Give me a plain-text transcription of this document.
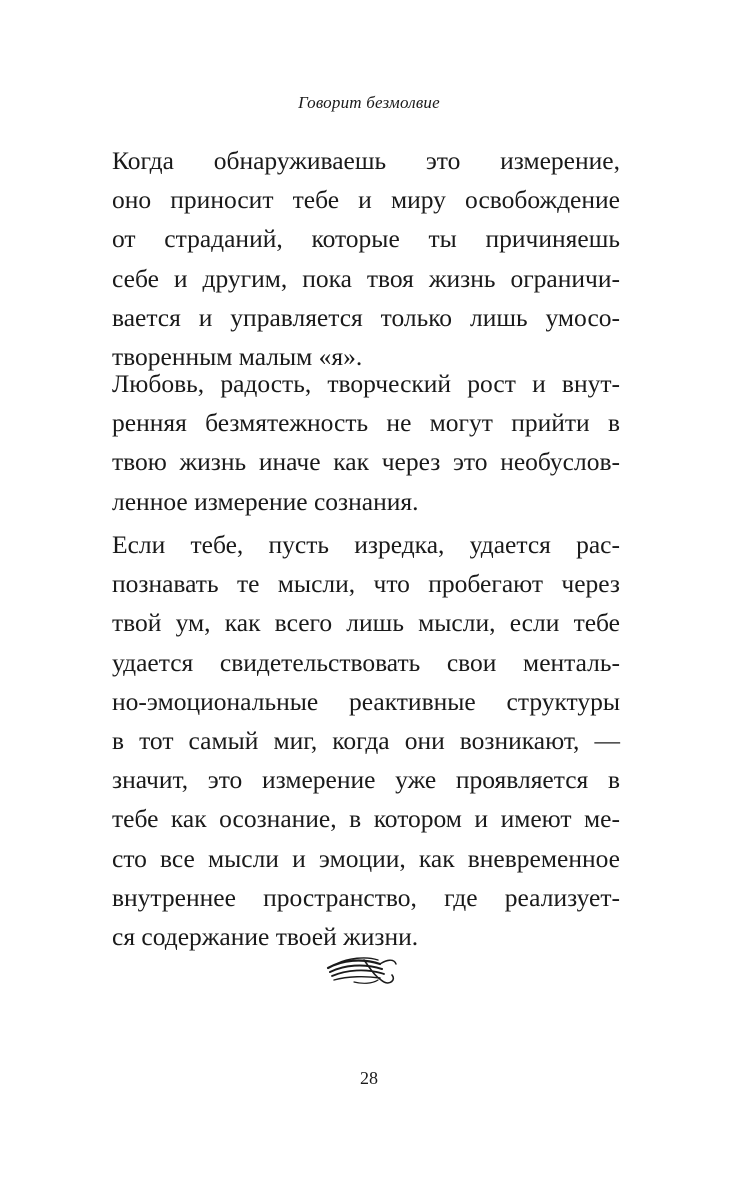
Говорит безмолвие
Когда обнаруживаешь это измерение,
оно приносит тебе и миру освобождение
от страданий, которые ты причиняешь
себе и другим, пока твоя жизнь ограничи-
вается и управляется только лишь умосо-
творенным малым «я».
Любовь, радость, творческий рост и внут-
ренняя безмятежность не могут прийти в
твою жизнь иначе как через это необуслов-
ленное измерение сознания.
Если тебе, пусть изредка, удается рас-
познавать те мысли, что пробегают через
твой ум, как всего лишь мысли, если тебе
удается свидетельствовать свои менталь-
но-эмоциональные реактивные структуры
в тот самый миг, когда они возникают, —
значит, это измерение уже проявляется в
тебе как осознание, в котором и имеют ме-
сто все мысли и эмоции, как вневременное
внутреннее пространство, где реализует-
ся содержание твоей жизни.
28
